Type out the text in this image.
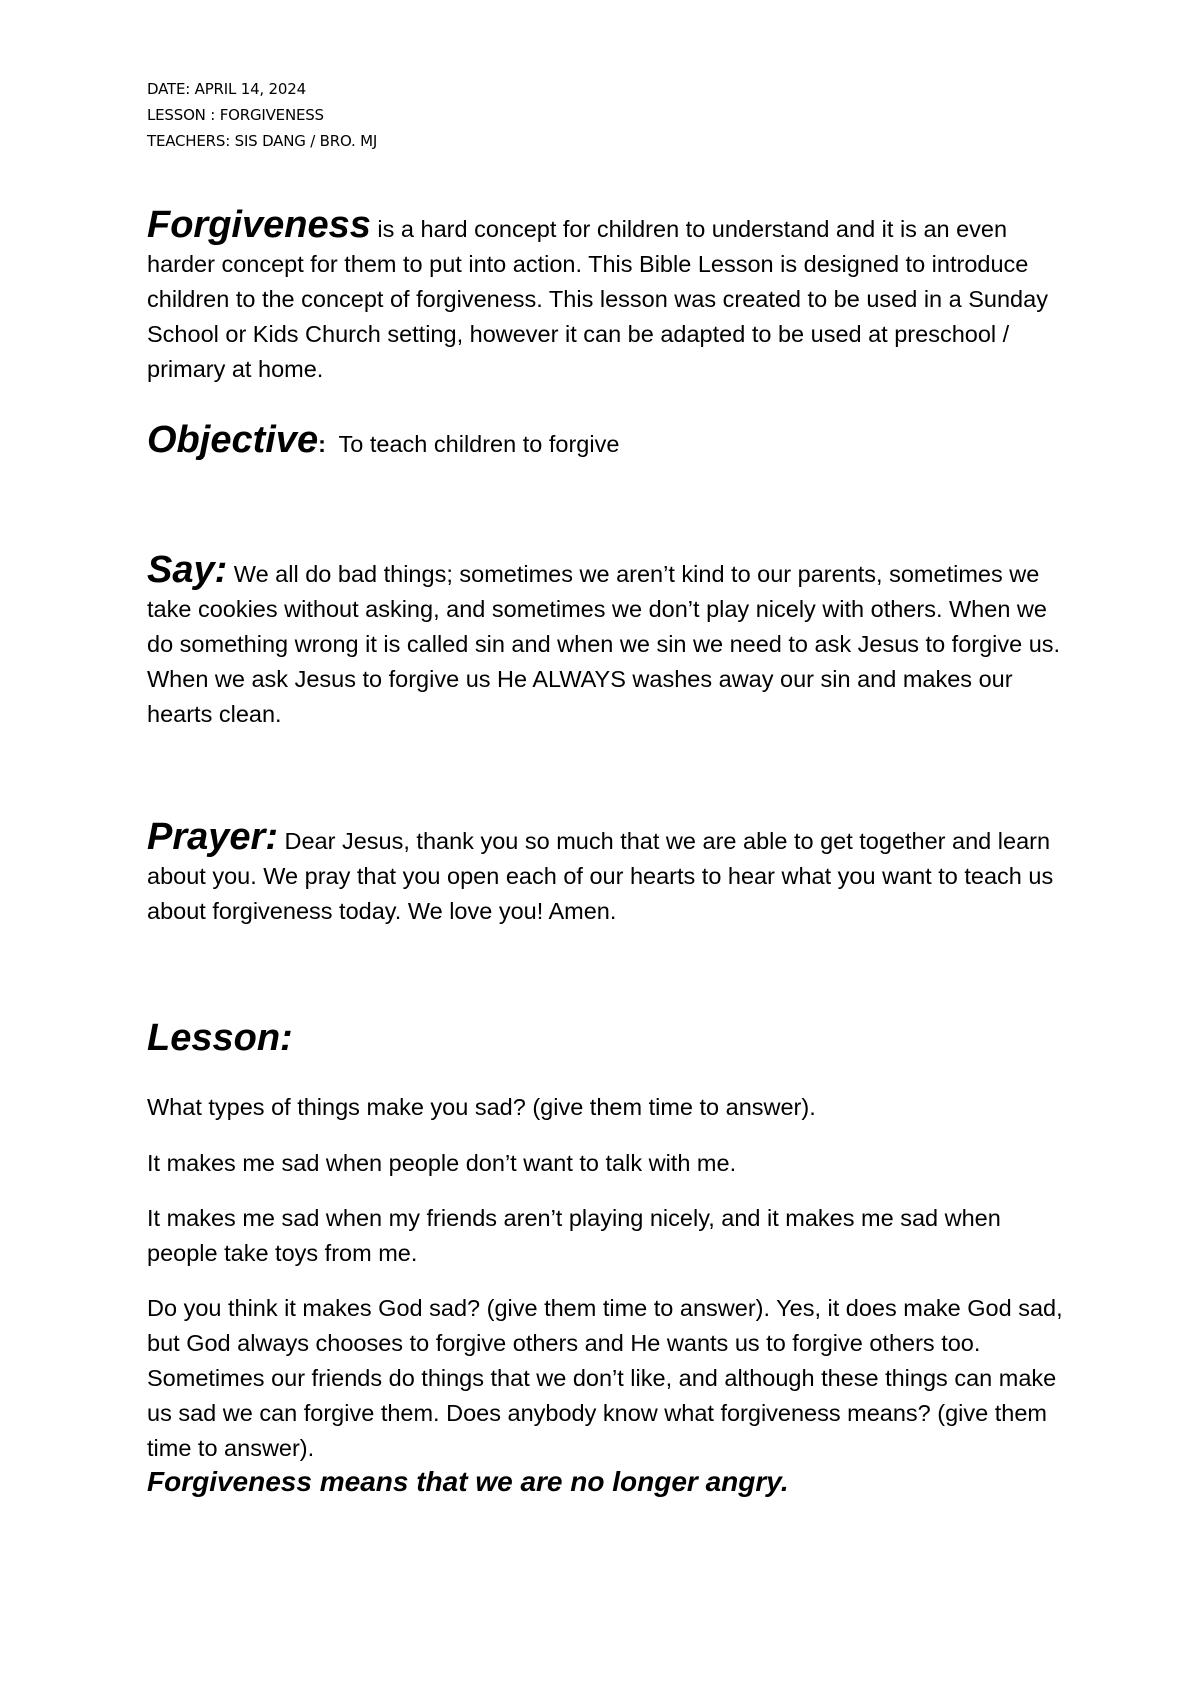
DATE: APRIL 14, 2024
LESSON : FORGIVENESS
TEACHERS: SIS DANG / BRO. MJ
Forgiveness is a hard concept for children to understand and it is an even harder concept for them to put into action. This Bible Lesson is designed to introduce children to the concept of forgiveness. This lesson was created to be used in a Sunday School or Kids Church setting, however it can be adapted to be used at preschool / primary at home.
Objective:  To teach children to forgive
Say: We all do bad things; sometimes we aren’t kind to our parents, sometimes we take cookies without asking, and sometimes we don’t play nicely with others. When we do something wrong it is called sin and when we sin we need to ask Jesus to forgive us. When we ask Jesus to forgive us He ALWAYS washes away our sin and makes our hearts clean.
Prayer: Dear Jesus, thank you so much that we are able to get together and learn about you. We pray that you open each of our hearts to hear what you want to teach us about forgiveness today. We love you! Amen.
Lesson:

What types of things make you sad? (give them time to answer).

It makes me sad when people don’t want to talk with me.

It makes me sad when my friends aren’t playing nicely, and it makes me sad when people take toys from me.

Do you think it makes God sad? (give them time to answer). Yes, it does make God sad, but God always chooses to forgive others and He wants us to forgive others too. Sometimes our friends do things that we don’t like, and although these things can make us sad we can forgive them. Does anybody know what forgiveness means? (give them time to answer).

Forgiveness means that we are no longer angry.
